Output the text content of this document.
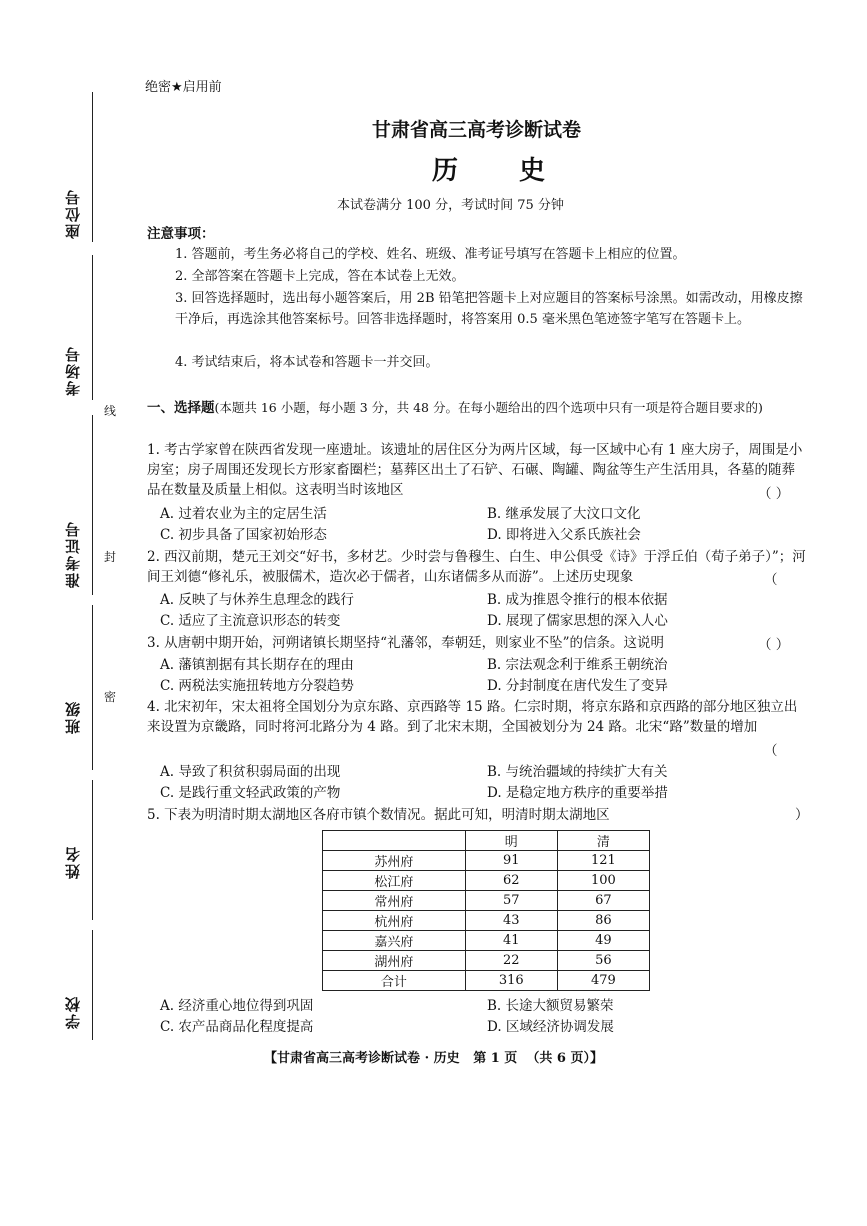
座位号
考场号
线
准考证号 封
密
班级
姓名
学校
绝密★启用前
甘肃省高三高考诊断试卷
历 史
本试卷满分 100 分，考试时间 75 分钟
注意事项：
1. 答题前，考生务必将自己的学校、姓名、班级、准考证号填写在答题卡上相应的位置。
2. 全部答案在答题卡上完成，答在本试卷上无效。
3. 回答选择题时，选出每小题答案后，用 2B 铅笔把答题卡上对应题目的答案标号涂黑。如需改动，用橡皮擦干净后，再选涂其他答案标号。回答非选择题时，将答案用 0.5 毫米黑色笔迹签字笔写在答题卡上。
4. 考试结束后，将本试卷和答题卡一并交回。
一、选择题(本题共 16 小题，每小题 3 分，共 48 分。在每小题给出的四个选项中只有一项是符合题目要求的)
1. 考古学家曾在陕西省发现一座遗址。该遗址的居住区分为两片区域，每一区域中心有 1 座大房子，周围是小房室；房子周围还发现长方形家畜圈栏；墓葬区出土了石铲、石碾、陶罐、陶盆等生产生活用具，各墓的随葬品在数量及质量上相似。这表明当时该地区	（ ）
A. 过着农业为主的定居生活	B. 继承发展了大汶口文化
C. 初步具备了国家初始形态	D. 即将进入父系氏族社会
2. 西汉前期，楚元王刘交“好书，多材艺。少时尝与鲁穆生、白生、申公俱受《诗》于浮丘伯（荀子弟子）”；河间王刘德“修礼乐，被服儒术，造次必于儒者，山东诸儒多从而游”。上述历史现象	（
A. 反映了与休养生息理念的践行	B. 成为推恩令推行的根本依据
C. 适应了主流意识形态的转变	D. 展现了儒家思想的深入人心
3. 从唐朝中期开始，河朔诸镇长期坚持“礼藩邻，奉朝廷，则家业不坠”的信条。这说明	（ ）
A. 藩镇割据有其长期存在的理由	B. 宗法观念利于维系王朝统治
C. 两税法实施扭转地方分裂趋势	D. 分封制度在唐代发生了变异
4. 北宋初年，宋太祖将全国划分为京东路、京西路等 15 路。仁宗时期，将京东路和京西路的部分地区独立出来设置为京畿路，同时将河北路分为 4 路。到了北宋末期，全国被划分为 24 路。北宋“路”数量的增加
（
A. 导致了积贫积弱局面的出现	B. 与统治疆域的持续扩大有关
C. 是践行重文轻武政策的产物	D. 是稳定地方秩序的重要举措
5. 下表为明清时期太湖地区各府市镇个数情况。据此可知，明清时期太湖地区	）
	明	清
苏州府	91	121
松江府	62	100
常州府	57	67
杭州府	43	86
嘉兴府	41	49
湖州府	22	56
合计	316	479
A. 经济重心地位得到巩固	B. 长途大额贸易繁荣
C. 农产品商品化程度提高	D. 区域经济协调发展
【甘肃省高三高考诊断试卷 · 历史   第 1 页  （共 6 页）】
